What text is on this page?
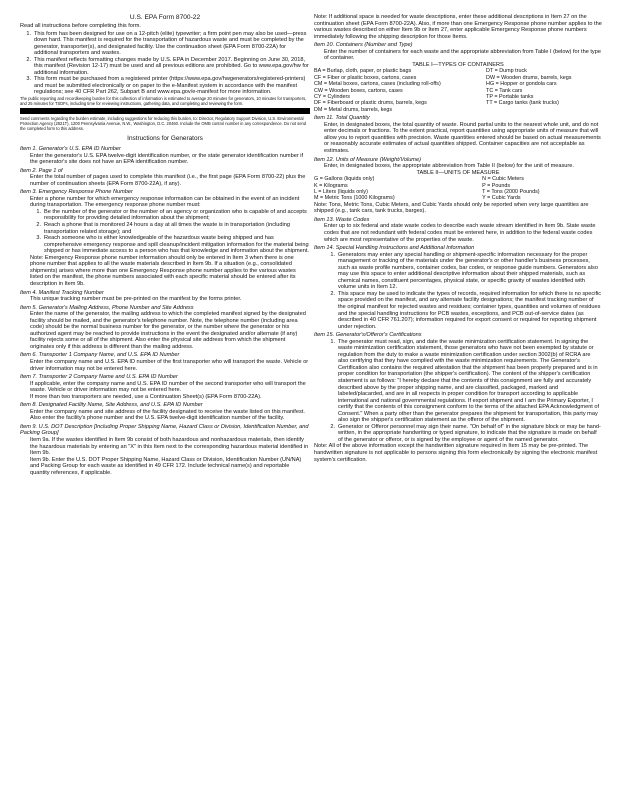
U.S. EPA Form 8700-22

Read all instructions before completing this form.

1. This form has been designed for use on a 12-pitch (elite) typewriter; a firm point pen may also be used—press down hard. This manifest is required for the transportation of hazardous waste and must be completed by the generator, transporter(s), and designated facility. Use the continuation sheet (EPA Form 8700-22A) for additional transporters and wastes.
2. This manifest reflects formatting changes made by U.S. EPA in December 2017. Beginning on June 30, 2018, this manifest (Revision 12-17) must be used and all previous editions are prohibited. Go to www.epa.gov/hw for additional information.
3. This form must be purchased from a registered printer (https://www.epa.gov/hwgenerators/registered-printers) and must be submitted electronically or on paper to the e-Manifest system in accordance with the manifest regulations; see 40 CFR Part 262, Subpart B and www.epa.gov/e-manifest for more information.

The public reporting and recordkeeping burden for this collection of information is estimated to average 20 minutes for generators, 10 minutes for transporters, and 25 minutes for TSDFs, including time for reviewing instructions, gathering data, and completing and reviewing the form.

Send comments regarding the burden estimate, including suggestions for reducing this burden, to: Director, Regulatory Support Division, U.S. Environmental Protection Agency (2821T), 1200 Pennsylvania Avenue, N.W., Washington, D.C. 20460. Include the OMB control number in any correspondence. Do not send the completed form to this address.

Instructions for Generators
Item 1. Generator's U.S. EPA ID Number
Enter the generator's U.S. EPA twelve-digit identification number, or the state generator identification number if the generator's site does not have an EPA identification number.
Item 2. Page 1 of
Enter the total number of pages used to complete this manifest (i.e., the first page (EPA Form 8700-22) plus the number of continuation sheets (EPA Form 8700-22A), if any).
Item 3. Emergency Response Phone Number
Enter a phone number for which emergency response information can be obtained in the event of an incident during transportation. The emergency response phone number must:
1. Be the number of the generator or the number of an agency or organization who is capable of and accepts responsibility for providing detailed information about the shipment;
2. Reach a phone that is monitored 24 hours a day at all times the waste is in transportation (including transportation related storage); and
3. Reach someone who is either knowledgeable of the hazardous waste being shipped and has comprehensive emergency response and spill cleanup/incident mitigation information for the material being shipped or has immediate access to a person who has that knowledge and information about the shipment.

Note: Emergency Response phone number information should only be entered in Item 3 when there is one phone number that applies to all the waste materials described in Item 9b. If a situation (e.g., consolidated shipments) arises where more than one Emergency Response phone number applies to the various wastes listed on the manifest, the phone numbers associated with each specific material should be entered after its description in Item 9b.

Item 4. Manifest Tracking Number
This unique tracking number must be pre-printed on the manifest by the forms printer.
Item 5. Generator's Mailing Address, Phone Number and Site Address
Enter the name of the generator, the mailing address to which the completed manifest signed by the designated facility should be mailed, and the generator's telephone number. Note, the telephone number (including area code) should be the normal business number for the generator, or the number where the generator or his authorized agent may be reached to provide instructions in the event the designated and/or alternate (if any) facility rejects some or all of the shipment. Also enter the physical site address from which the shipment originates only if this address is different than the mailing address.
Item 6. Transporter 1 Company Name, and U.S. EPA ID Number
Enter the company name and U.S. EPA ID number of the first transporter who will transport the waste. Vehicle or driver information may not be entered here.
Item 7. Transporter 2 Company Name and U.S. EPA ID Number
If applicable, enter the company name and U.S. EPA ID number of the second transporter who will transport the waste. Vehicle or driver information may not be entered here.
If more than two transporters are needed, use a Continuation Sheet(s) (EPA Form 8700-22A).
Item 8. Designated Facility Name, Site Address, and U.S. EPA ID Number
Enter the company name and site address of the facility designated to receive the waste listed on this manifest. Also enter the facility's phone number and the U.S. EPA twelve-digit identification number of the facility.
Item 9. U.S. DOT Description [Including Proper Shipping Name, Hazard Class or Division, Identification Number, and Packing Group]
Item 9a. If the wastes identified in Item 9b consist of both hazardous and nonhazardous materials, then identify the hazardous materials by entering an "X" in this Item next to the corresponding hazardous material identified in Item 9b.
Item 9b. Enter the U.S. DOT Proper Shipping Name, Hazard Class or Division, Identification Number (UN/NA) and Packing Group for each waste as identified in 49 CFR 172. Include technical name(s) and reportable quantity references, if applicable.

Note: If additional space is needed for waste descriptions, enter these additional descriptions in Item 27 on the continuation sheet (EPA Form 8700-22A). Also, if more than one Emergency Response phone number applies to the various wastes described on either Item 9b or Item 27, enter applicable Emergency Response phone numbers immediately following the shipping description for those Items.

Item 10. Containers (Number and Type)
Enter the number of containers for each waste and the appropriate abbreviation from Table I (below) for the type of container.
TABLE I—TYPES OF CONTAINERS
BA = Burlap, cloth, paper, or plastic bags	DT = Dump truck
CF = Fiber or plastic boxes, cartons, cases	DW = Wooden drums, barrels, kegs
CM = Metal boxes, cartons, cases (including roll-offs)	HG = Hopper or gondola cars
CW = Wooden boxes, cartons, cases	TC = Tank cars
CY = Cylinders	TP = Portable tanks
DF = Fiberboard or plastic drums, barrels, kegs	TT = Cargo tanks (tank trucks)
DM = Metal drums, barrels, kegs	
Item 11. Total Quantity
Enter, in designated boxes, the total quantity of waste. Round partial units to the nearest whole unit, and do not enter decimals or fractions. To the extent practical, report quantities using appropriate units of measure that will allow you to report quantities with precision. Waste quantities entered should be based on actual measurements or reasonably accurate estimates of actual quantities shipped. Container capacities are not acceptable as estimates.
Item 12. Units of Measure (Weight/Volume)
Enter, in designated boxes, the appropriate abbreviation from Table II (below) for the unit of measure.
TABLE II—UNITS OF MEASURE
G = Gallons (liquids only)	N = Cubic Meters
K = Kilograms	P = Pounds
L = Liters (liquids only)	T = Tons (2000 Pounds)
M = Metric Tons (1000 Kilograms)	Y = Cubic Yards

Note: Tons, Metric Tons, Cubic Meters, and Cubic Yards should only be reported when very large quantities are shipped (e.g., tank cars, tank trucks, barges).

Item 13. Waste Codes
Enter up to six federal and state waste codes to describe each waste stream identified in Item 9b. State waste codes that are not redundant with federal codes must be entered here, in addition to the federal waste codes which are most representative of the properties of the waste.
Item 14. Special Handling Instructions and Additional Information
1. Generators may enter any special handling or shipment-specific information necessary for the proper management or tracking of the materials under the generator's or other handler's business processes, such as waste profile numbers, container codes, bar codes, or response guide numbers. Generators also may use this space to enter additional descriptive information about their shipped materials, such as chemical names, constituent percentages, physical state, or specific gravity of wastes identified with volume units in Item 12.
2. This space may be used to indicate the types of records, required information for which there is no specific space provided on the manifest, and any alternate facility designations; the manifest tracking number of the original manifest for rejected wastes and residues; container types, quantities and volumes of residues and the special handling instructions for PCB wastes, exceptions, and PCB out-of-service dates (as described in 40 CFR 761.207); information required for export consent or required for reporting shipment under rejection.
Item 15. Generator's/Offeror's Certifications
1. The generator must read, sign, and date the waste minimization certification statement. In signing the waste minimization certification statement, those generators who have not been exempted by statute or regulation from the duty to make a waste minimization certification under section 3002(b) of RCRA are also certifying that they have complied with the waste minimization requirements. The Generator's Certification also contains the required attestation that the shipment has been properly prepared and is in proper condition for transportation (the shipper's certification). The content of the shipper's certification statement is as follows: "I hereby declare that the contents of this consignment are fully and accurately described above by the proper shipping name, and are classified, packaged, marked and labeled/placarded, and are in all respects in proper condition for transport according to applicable international and national governmental regulations. If export shipment and I am the Primary Exporter, I certify that the contents of this consignment conform to the terms of the attached EPA Acknowledgment of Consent." When a party other than the generator prepares the shipment for transportation, this party may also sign the shipper's certification statement as the offeror of the shipment.
2. Generator or Offeror personnel may sign their name. "On behalf of" in the signature block or may be hand-written, in the appropriate handwriting or typed signature, to indicate that the signature is made on behalf of the generator or offeror, or is signed by the employee or agent of the named generator.

Note: All of the above information except the handwritten signature required in Item 15 may be pre-printed. The handwritten signature is not applicable to persons signing this form electronically by signing the electronic manifest system's certification.
